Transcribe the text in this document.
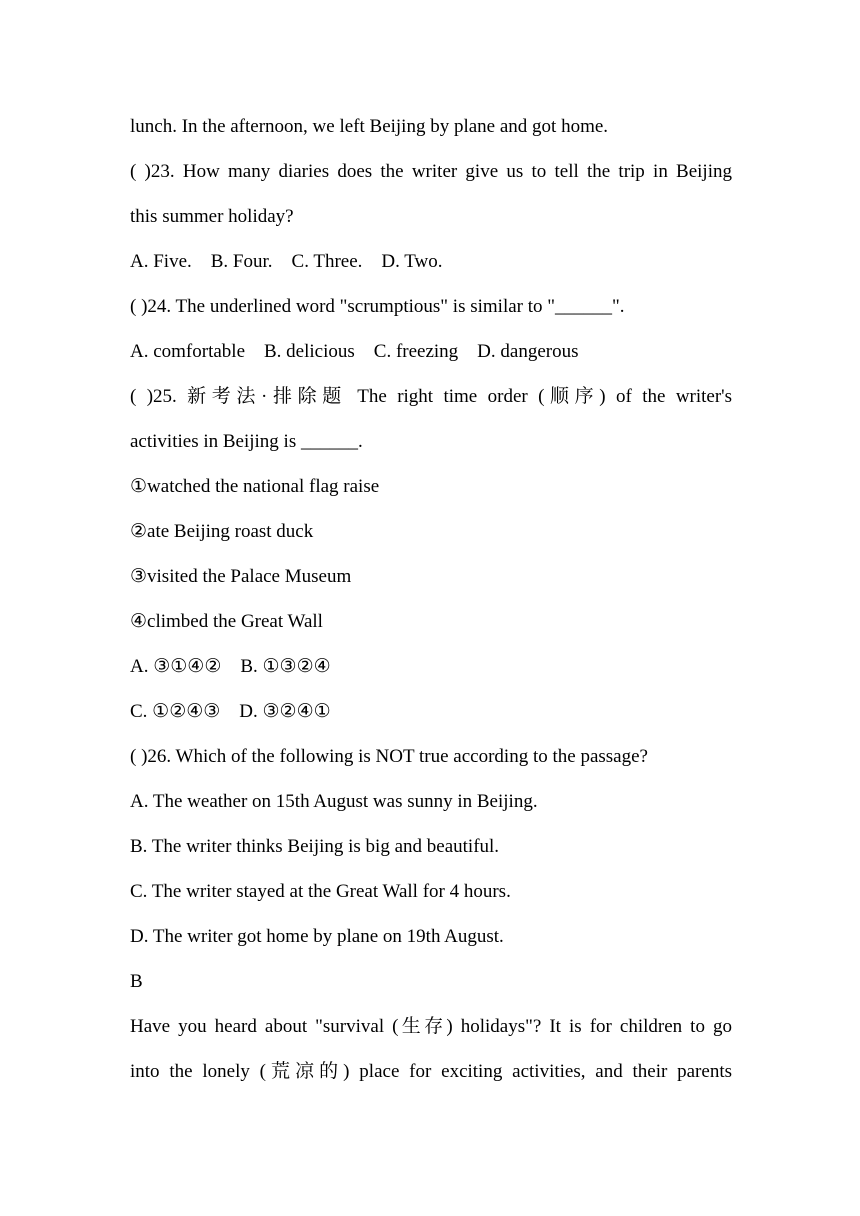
lunch. In the afternoon, we left Beijing by plane and got home.
( )23. How many diaries does the writer give us to tell the trip in Beijing
this summer holiday?
A. Five.    B. Four.    C. Three.    D. Two.
( )24. The underlined word "scrumptious" is similar to "______".
A. comfortable    B. delicious    C. freezing    D. dangerous
( )25. 新考法·排除题 The right time order (顺序) of the writer's
activities in Beijing is ______.
①watched the national flag raise
②ate Beijing roast duck
③visited the Palace Museum
④climbed the Great Wall
A. ③①④②    B. ①③②④
C. ①②④③    D. ③②④①
( )26. Which of the following is NOT true according to the passage?
A. The weather on 15th August was sunny in Beijing.
B. The writer thinks Beijing is big and beautiful.
C. The writer stayed at the Great Wall for 4 hours.
D. The writer got home by plane on 19th August.
B
Have you heard about "survival (生存) holidays"? It is for children to go
into the lonely (荒凉的) place for exciting activities, and their parents
